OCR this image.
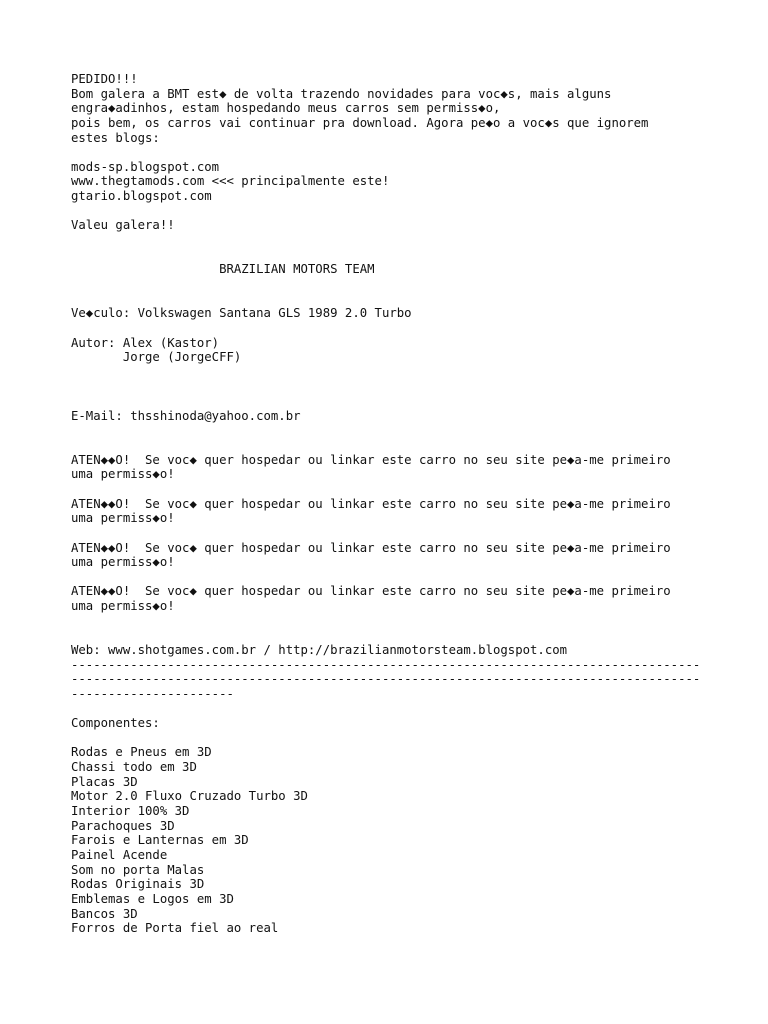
PEDIDO!!!
Bom galera a BMT est◆ de volta trazendo novidades para voc◆s, mais alguns
engra◆adinhos, estam hospedando meus carros sem permiss◆o,
pois bem, os carros vai continuar pra download. Agora pe◆o a voc◆s que ignorem
estes blogs:

mods-sp.blogspot.com
www.thegtamods.com <<< principalmente este!
gtario.blogspot.com

Valeu galera!!

BRAZILIAN MOTORS TEAM

Ve◆culo: Volkswagen Santana GLS 1989 2.0 Turbo

Autor: Alex (Kastor)
Jorge (JorgeCFF)

E-Mail: thsshinoda@yahoo.com.br

ATEN◆◆O!  Se voc◆ quer hospedar ou linkar este carro no seu site pe◆a-me primeiro
uma permiss◆o!

ATEN◆◆O!  Se voc◆ quer hospedar ou linkar este carro no seu site pe◆a-me primeiro
uma permiss◆o!

ATEN◆◆O!  Se voc◆ quer hospedar ou linkar este carro no seu site pe◆a-me primeiro
uma permiss◆o!

ATEN◆◆O!  Se voc◆ quer hospedar ou linkar este carro no seu site pe◆a-me primeiro
uma permiss◆o!

Web: www.shotgames.com.br / http://brazilianmotorsteam.blogspot.com
-------------------------------------------------------------------------------------
-------------------------------------------------------------------------------------
----------------------

Componentes:

Rodas e Pneus em 3D
Chassi todo em 3D
Placas 3D
Motor 2.0 Fluxo Cruzado Turbo 3D
Interior 100% 3D
Parachoques 3D
Farois e Lanternas em 3D
Painel Acende
Som no porta Malas
Rodas Originais 3D
Emblemas e Logos em 3D
Bancos 3D
Forros de Porta fiel ao real
